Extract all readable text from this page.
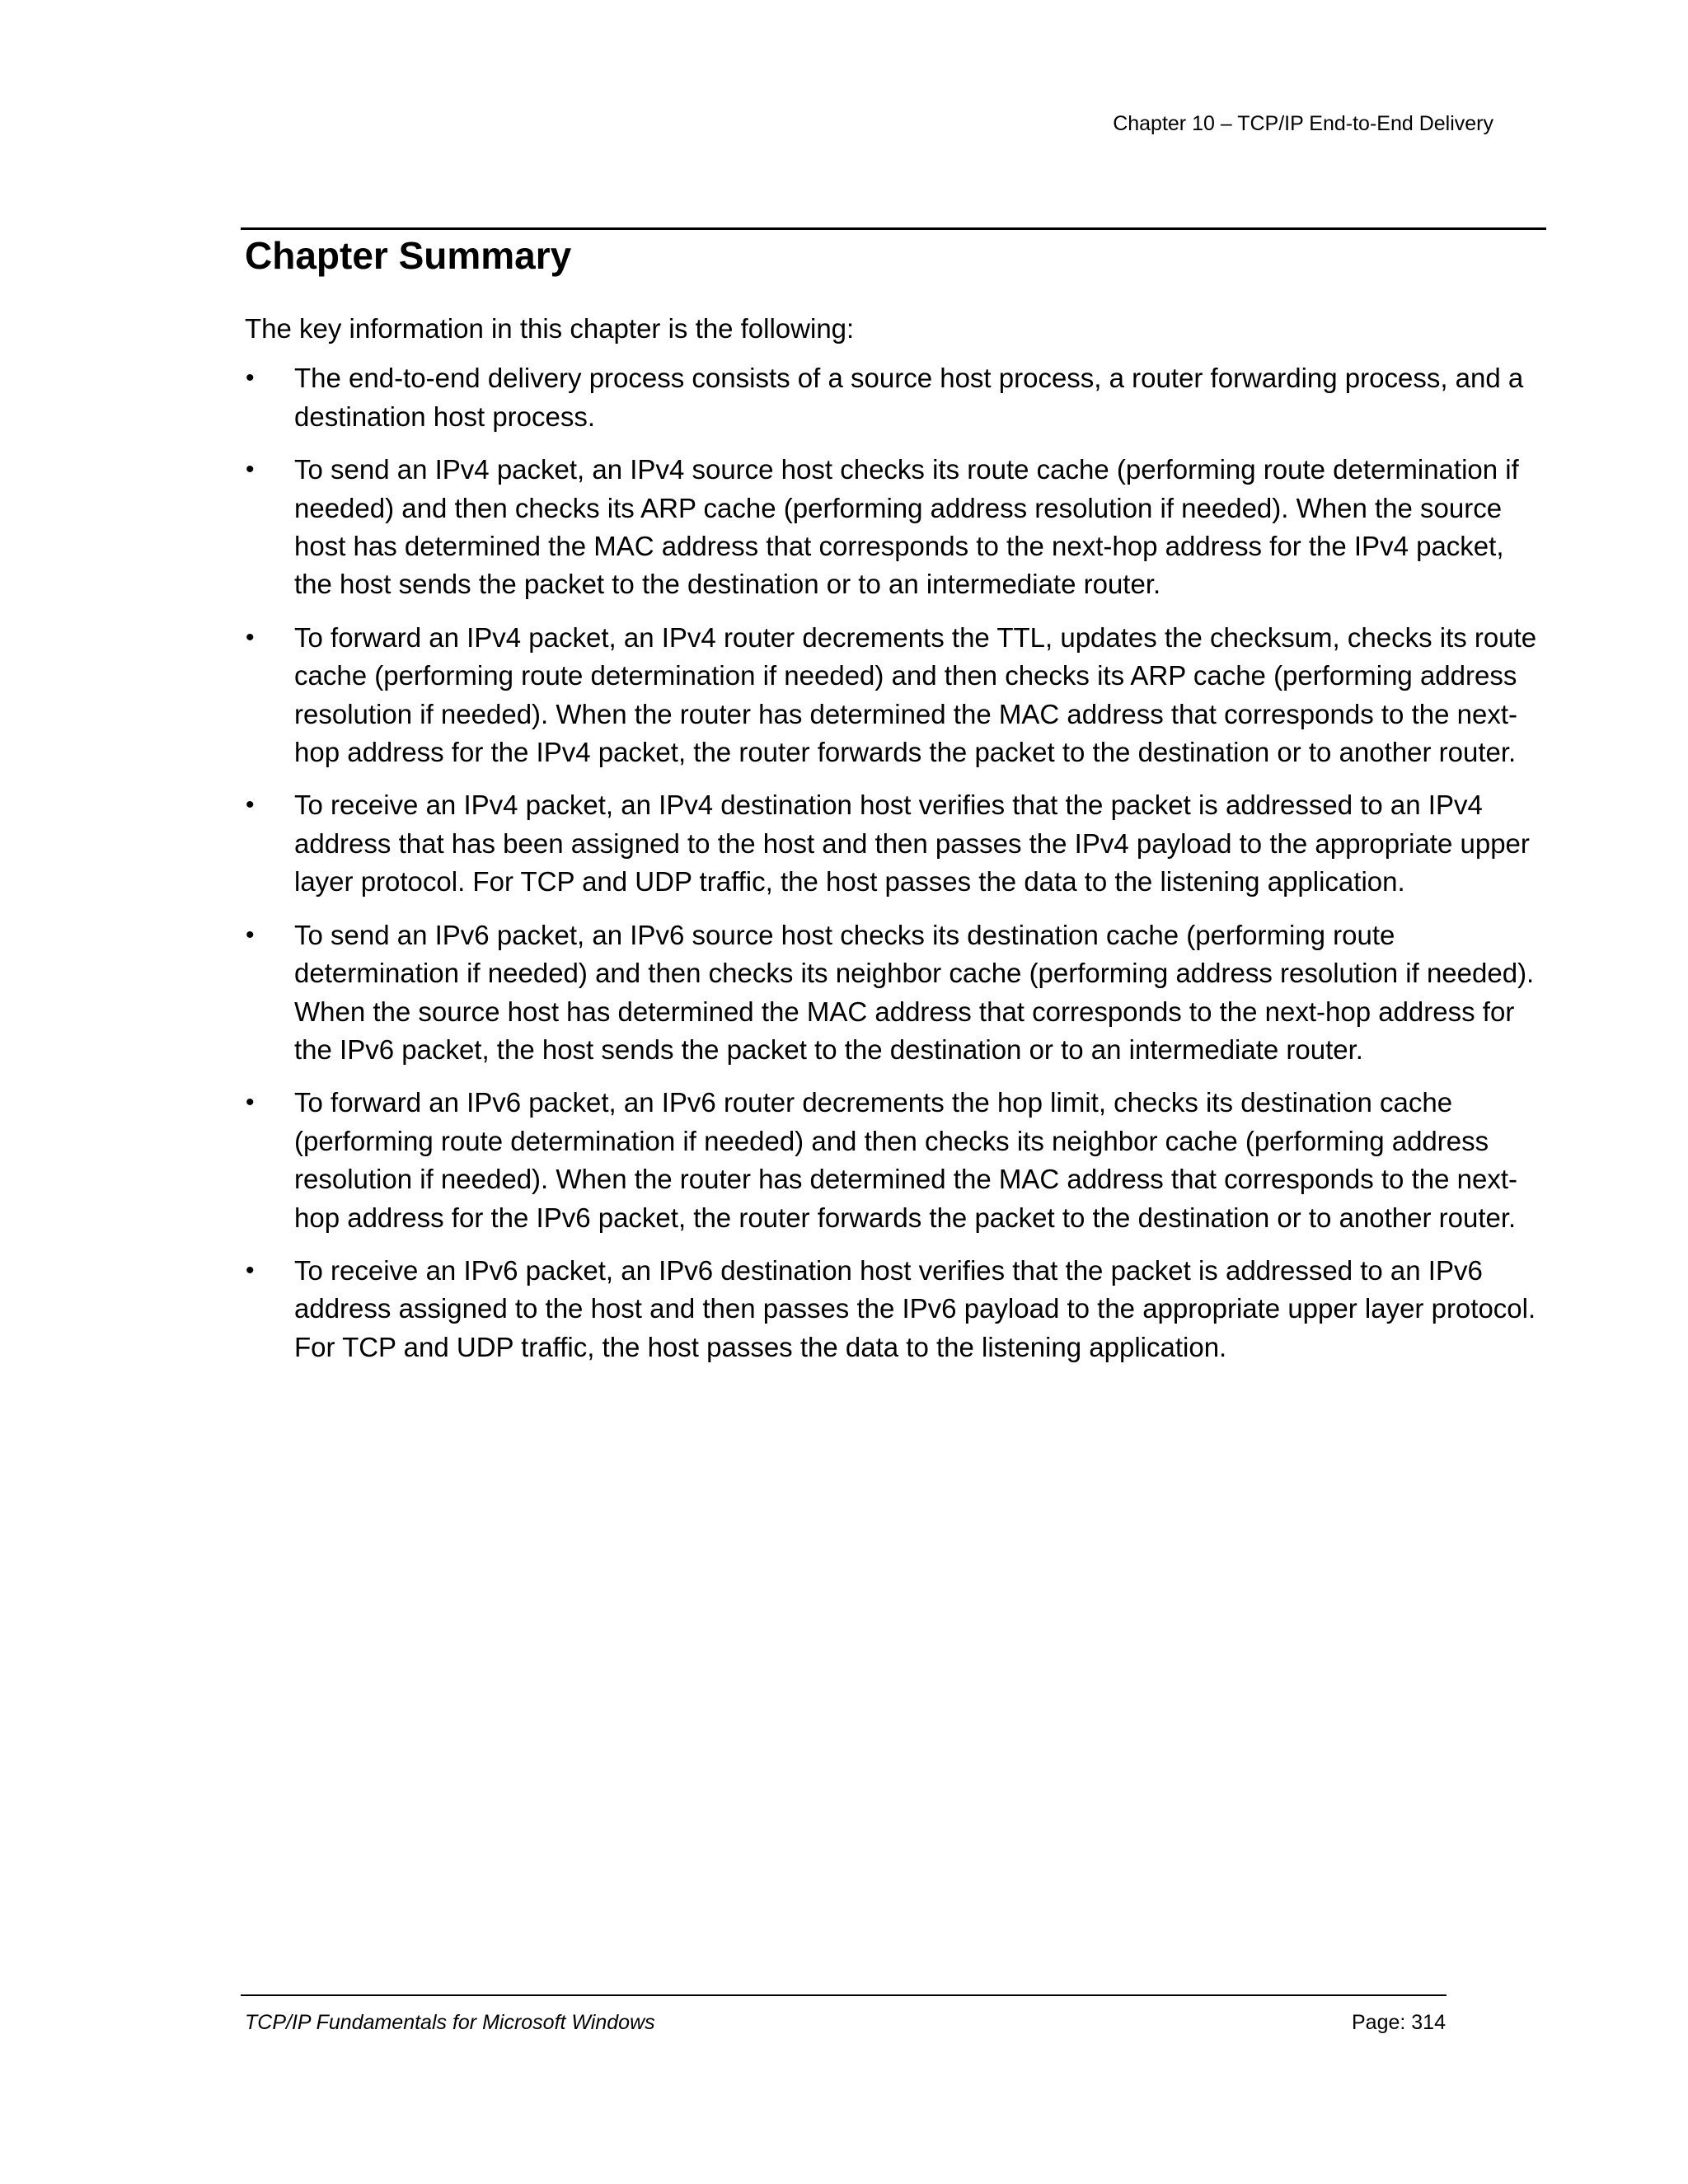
Chapter 10 – TCP/IP End-to-End Delivery
Chapter Summary

The key information in this chapter is the following:

• The end-to-end delivery process consists of a source host process, a router forwarding process, and a destination host process.
• To send an IPv4 packet, an IPv4 source host checks its route cache (performing route determination if needed) and then checks its ARP cache (performing address resolution if needed). When the source host has determined the MAC address that corresponds to the next-hop address for the IPv4 packet, the host sends the packet to the destination or to an intermediate router.
• To forward an IPv4 packet, an IPv4 router decrements the TTL, updates the checksum, checks its route cache (performing route determination if needed) and then checks its ARP cache (performing address resolution if needed). When the router has determined the MAC address that corresponds to the next-hop address for the IPv4 packet, the router forwards the packet to the destination or to another router.
• To receive an IPv4 packet, an IPv4 destination host verifies that the packet is addressed to an IPv4 address that has been assigned to the host and then passes the IPv4 payload to the appropriate upper layer protocol. For TCP and UDP traffic, the host passes the data to the listening application.
• To send an IPv6 packet, an IPv6 source host checks its destination cache (performing route determination if needed) and then checks its neighbor cache (performing address resolution if needed). When the source host has determined the MAC address that corresponds to the next-hop address for the IPv6 packet, the host sends the packet to the destination or to an intermediate router.
• To forward an IPv6 packet, an IPv6 router decrements the hop limit, checks its destination cache (performing route determination if needed) and then checks its neighbor cache (performing address resolution if needed). When the router has determined the MAC address that corresponds to the next-hop address for the IPv6 packet, the router forwards the packet to the destination or to another router.
• To receive an IPv6 packet, an IPv6 destination host verifies that the packet is addressed to an IPv6 address assigned to the host and then passes the IPv6 payload to the appropriate upper layer protocol. For TCP and UDP traffic, the host passes the data to the listening application.
TCP/IP Fundamentals for Microsoft Windows	Page: 314
